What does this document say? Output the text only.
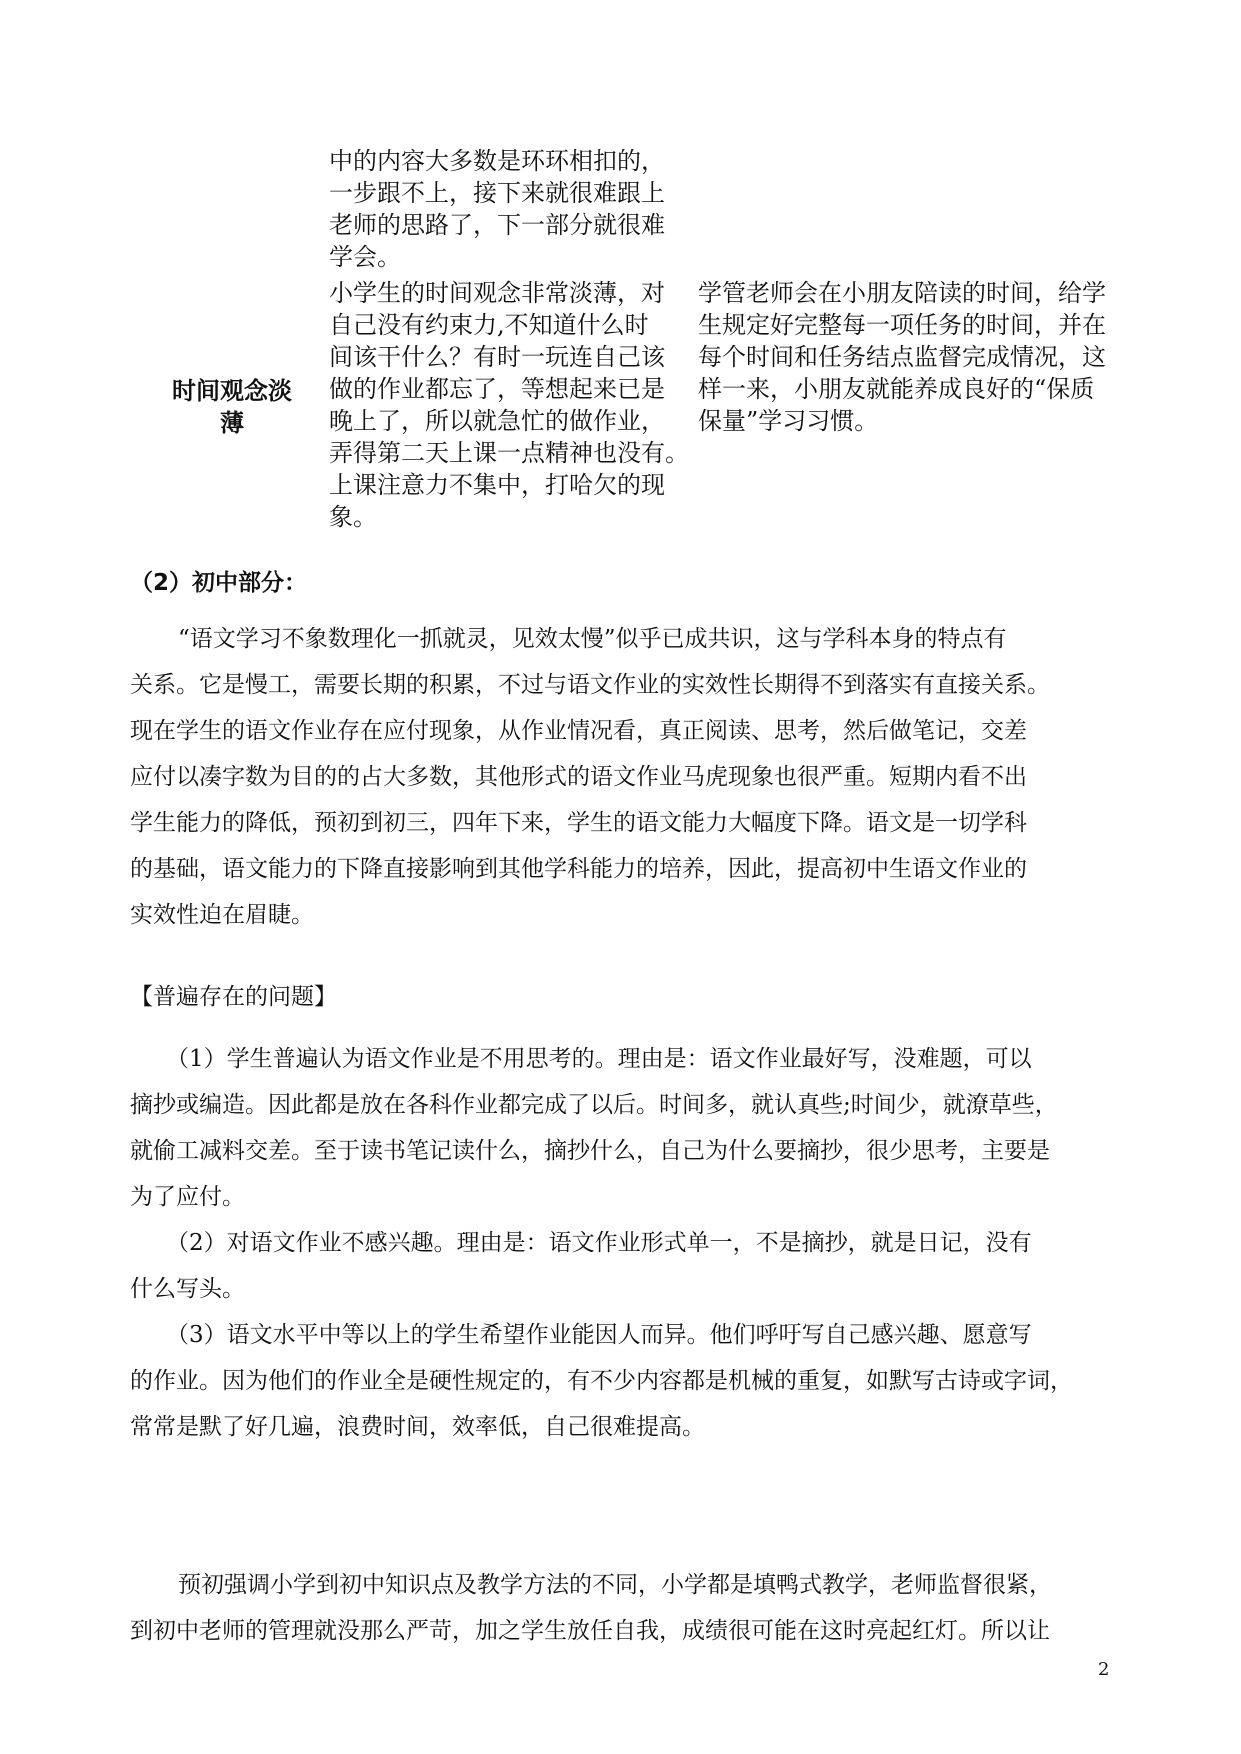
中的内容大多数是环环相扣的，
一步跟不上，接下来就很难跟上
老师的思路了，下一部分就很难
学会。
时间观念淡
薄
小学生的时间观念非常淡薄，对
自己没有约束力,不知道什么时
间该干什么？有时一玩连自己该
做的作业都忘了，等想起来已是
晚上了，所以就急忙的做作业，
弄得第二天上课一点精神也没有。
上课注意力不集中，打哈欠的现
象。
学管老师会在小朋友陪读的时间，给学
生规定好完整每一项任务的时间，并在
每个时间和任务结点监督完成情况，这
样一来，小朋友就能养成良好的“保质
保量”学习习惯。
（2）初中部分：

“语文学习不象数理化一抓就灵，见效太慢”似乎已成共识，这与学科本身的特点有

关系。它是慢工，需要长期的积累，不过与语文作业的实效性长期得不到落实有直接关系。

现在学生的语文作业存在应付现象，从作业情况看，真正阅读、思考，然后做笔记，交差

应付以凑字数为目的的占大多数，其他形式的语文作业马虎现象也很严重。短期内看不出

学生能力的降低，预初到初三，四年下来，学生的语文能力大幅度下降。语文是一切学科

的基础，语文能力的下降直接影响到其他学科能力的培养，因此，提高初中生语文作业的

实效性迫在眉睫。

【普遍存在的问题】

（1）学生普遍认为语文作业是不用思考的。理由是：语文作业最好写，没难题，可以

摘抄或编造。因此都是放在各科作业都完成了以后。时间多，就认真些;时间少，就潦草些，

就偷工减料交差。至于读书笔记读什么，摘抄什么，自己为什么要摘抄，很少思考，主要是

为了应付。

（2）对语文作业不感兴趣。理由是：语文作业形式单一，不是摘抄，就是日记，没有

什么写头。

（3）语文水平中等以上的学生希望作业能因人而异。他们呼吁写自己感兴趣、愿意写

的作业。因为他们的作业全是硬性规定的，有不少内容都是机械的重复，如默写古诗或字词，

常常是默了好几遍，浪费时间，效率低，自己很难提高。

预初强调小学到初中知识点及教学方法的不同，小学都是填鸭式教学，老师监督很紧，

到初中老师的管理就没那么严苛，加之学生放任自我，成绩很可能在这时亮起红灯。所以让

2
